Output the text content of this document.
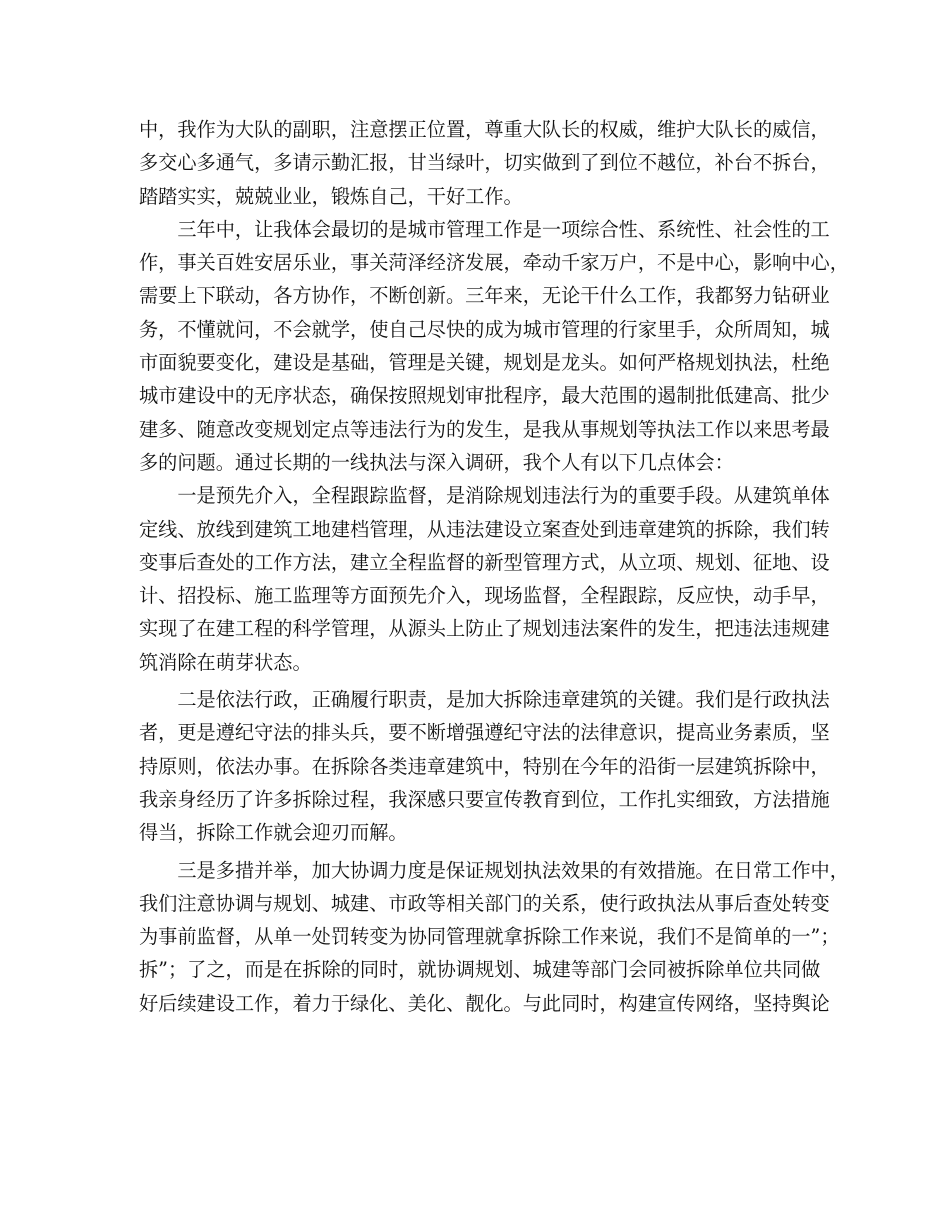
中，我作为大队的副职，注意摆正位置，尊重大队长的权威，维护大队长的威信，
多交心多通气，多请示勤汇报，甘当绿叶，切实做到了到位不越位，补台不拆台，
踏踏实实，兢兢业业，锻炼自己，干好工作。
　　三年中，让我体会最切的是城市管理工作是一项综合性、系统性、社会性的工
作，事关百姓安居乐业，事关菏泽经济发展，牵动千家万户，不是中心，影响中心，
需要上下联动，各方协作，不断创新。三年来，无论干什么工作，我都努力钻研业
务，不懂就问，不会就学，使自己尽快的成为城市管理的行家里手，众所周知，城
市面貌要变化，建设是基础，管理是关键，规划是龙头。如何严格规划执法，杜绝
城市建设中的无序状态，确保按照规划审批程序，最大范围的遏制批低建高、批少
建多、随意改变规划定点等违法行为的发生，是我从事规划等执法工作以来思考最
多的问题。通过长期的一线执法与深入调研，我个人有以下几点体会：
　　一是预先介入，全程跟踪监督，是消除规划违法行为的重要手段。从建筑单体
定线、放线到建筑工地建档管理，从违法建设立案查处到违章建筑的拆除，我们转
变事后查处的工作方法，建立全程监督的新型管理方式，从立项、规划、征地、设
计、招投标、施工监理等方面预先介入，现场监督，全程跟踪，反应快，动手早，
实现了在建工程的科学管理，从源头上防止了规划违法案件的发生，把违法违规建
筑消除在萌芽状态。
　　二是依法行政，正确履行职责，是加大拆除违章建筑的关键。我们是行政执法
者，更是遵纪守法的排头兵，要不断增强遵纪守法的法律意识，提高业务素质，坚
持原则，依法办事。在拆除各类违章建筑中，特别在今年的沿街一层建筑拆除中，
我亲身经历了许多拆除过程，我深感只要宣传教育到位，工作扎实细致，方法措施
得当，拆除工作就会迎刃而解。
　　三是多措并举，加大协调力度是保证规划执法效果的有效措施。在日常工作中，
我们注意协调与规划、城建、市政等相关部门的关系，使行政执法从事后查处转变
为事前监督，从单一处罚转变为协同管理就拿拆除工作来说，我们不是简单的一”；
拆”；了之，而是在拆除的同时，就协调规划、城建等部门会同被拆除单位共同做
好后续建设工作，着力于绿化、美化、靓化。与此同时，构建宣传网络，坚持舆论
